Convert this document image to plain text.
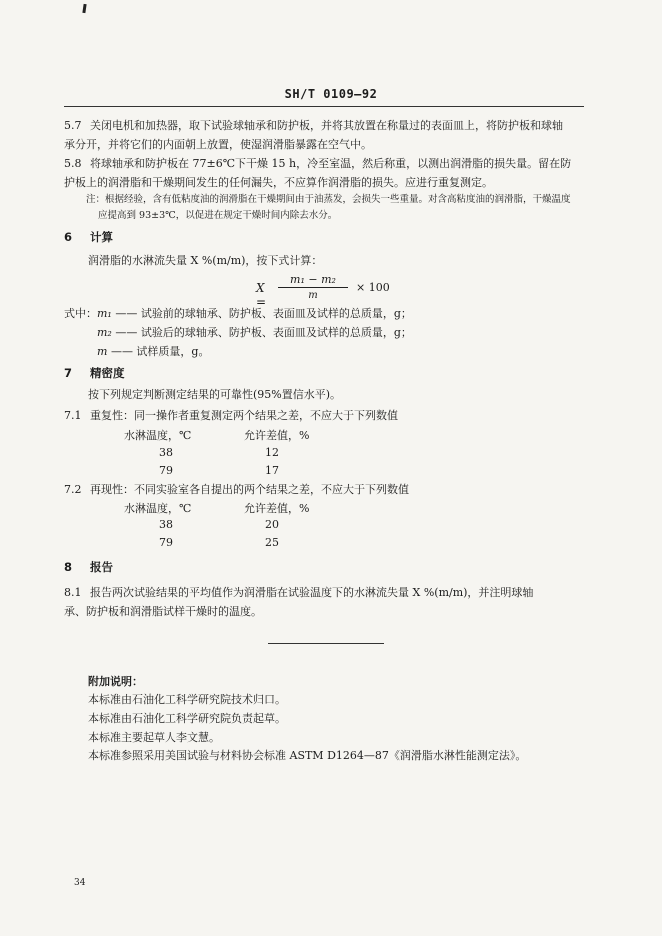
SH/T 0109—92
5.7 关闭电机和加热器，取下试验球轴承和防护板，并将其放置在称量过的表面皿上，将防护板和球轴
承分开，并将它们的内面朝上放置，使湿润滑脂暴露在空气中。
5.8 将球轴承和防护板在 77±6℃下干燥 15 h，冷至室温，然后称重，以测出润滑脂的损失量。留在防
护板上的润滑脂和干燥期间发生的任何漏失，不应算作润滑脂的损失。应进行重复测定。
注：根据经验，含有低粘度油的润滑脂在干燥期间由于油蒸发，会损失一些重量。对含高粘度油的润滑脂，干燥温度
应提高到 93±3℃，以促进在规定干燥时间内除去水分。
6 计算
润滑脂的水淋流失量 X %(m/m)，按下式计算：
$X = \frac{\text{m₁ − m₂}}{m} \times 100$
式中：m₁ —— 试验前的球轴承、防护板、表面皿及试样的总质量，g；
m₂ —— 试验后的球轴承、防护板、表面皿及试样的总质量，g；
m —— 试样质量，g。
7 精密度
按下列规定判断测定结果的可靠性(95%置信水平)。
7.1 重复性：同一操作者重复测定两个结果之差，不应大于下列数值
水淋温度，℃	允许差值，%
38	12
79	17
7.2 再现性：不同实验室各自提出的两个结果之差，不应大于下列数值
水淋温度，℃	允许差值，%
38	20
79	25
8 报告
8.1 报告两次试验结果的平均值作为润滑脂在试验温度下的水淋流失量 X %(m/m)，并注明球轴
承、防护板和润滑脂试样干燥时的温度。
附加说明：
本标准由石油化工科学研究院技术归口。
本标准由石油化工科学研究院负责起草。
本标准主要起草人李文慧。
本标准参照采用美国试验与材料协会标准 ASTM D1264—87《润滑脂水淋性能测定法》。
34
